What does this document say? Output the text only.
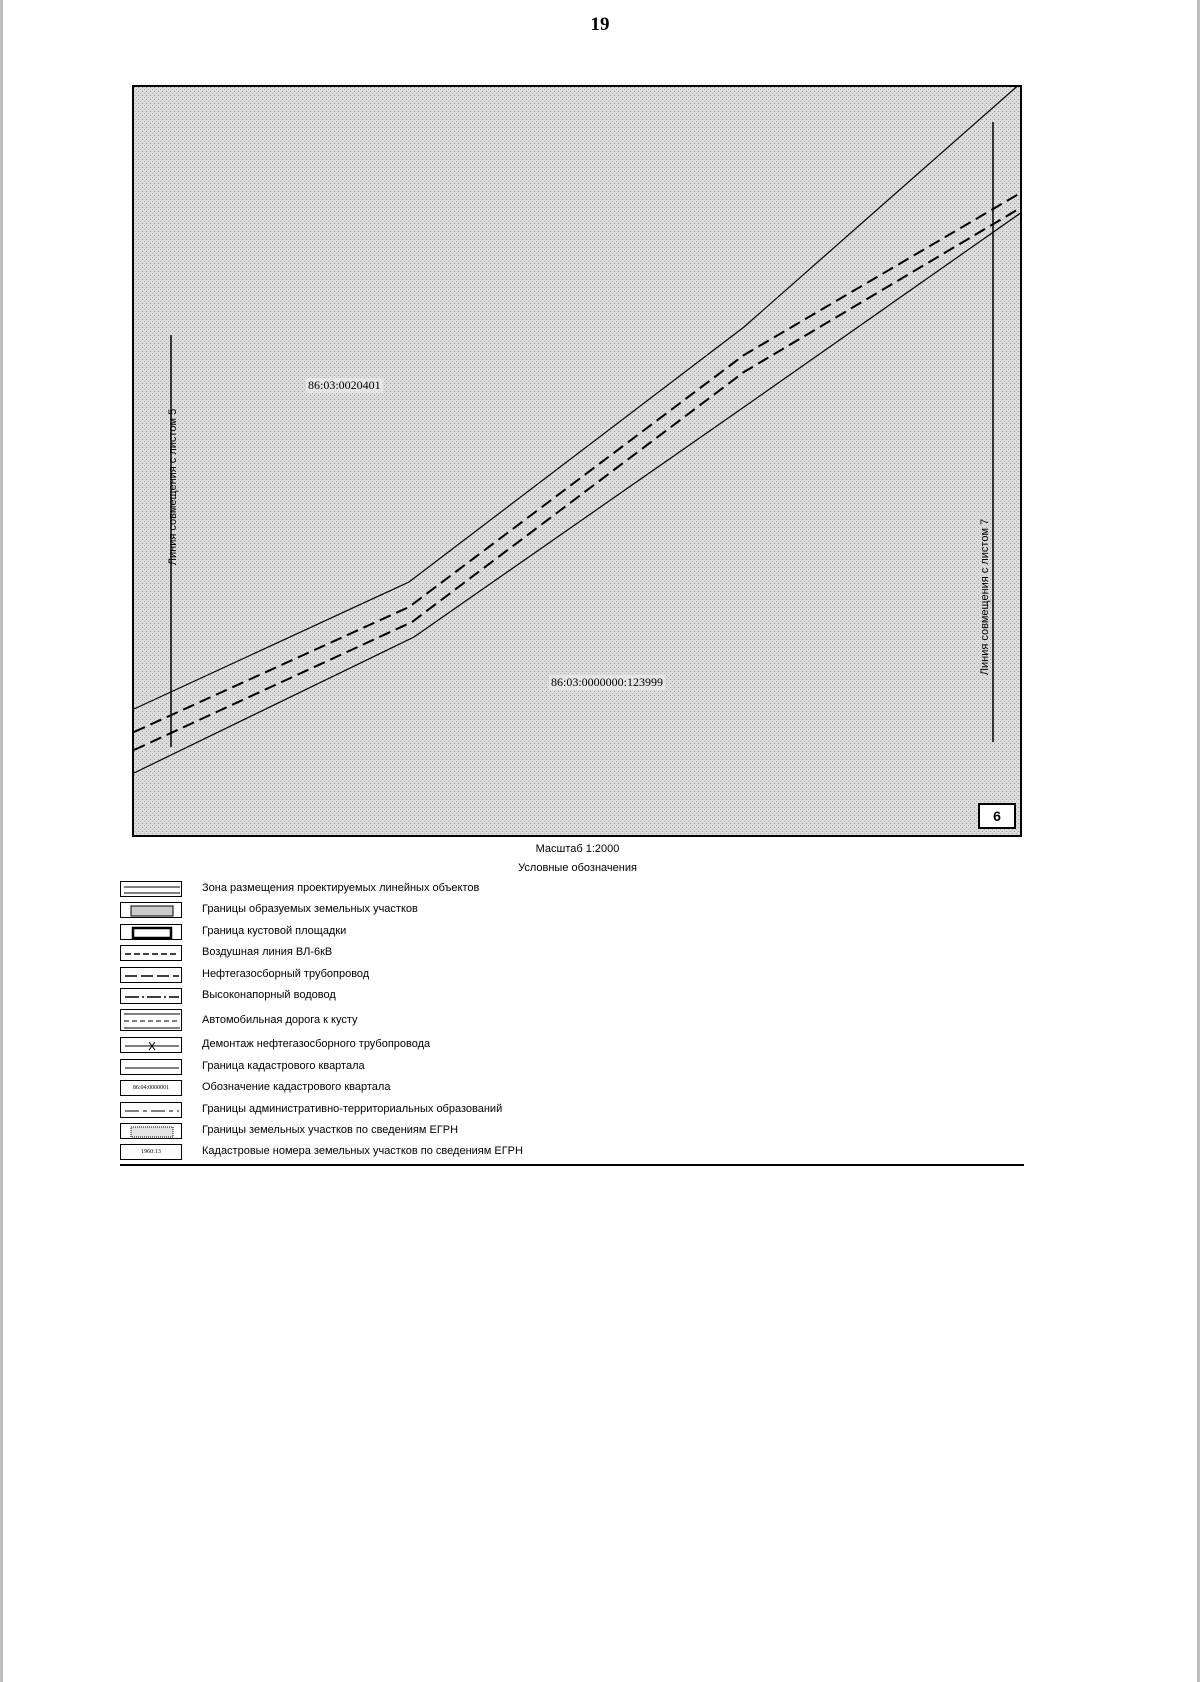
19
Линия совмещения с листом 5
Линия совмещения с листом 7
86:03:0020401
86:03:0000000:123999
6
Масштаб 1:2000
Условные обозначения
Зона размещения проектируемых линейных объектов
Границы образуемых земельных участков
Граница кустовой площадки
Воздушная линия ВЛ-6кВ
Нефтегазосборный трубопровод
Высоконапорный водовод
Автомобильная дорога к кусту
Демонтаж нефтегазосборного трубопровода
Граница кадастрового квартала
86:04:0000001	Обозначение кадастрового квартала
Границы административно-территориальных образований
Границы земельных участков по сведениям ЕГРН
1960:13	Кадастровые номера земельных участков по сведениям ЕГРН
